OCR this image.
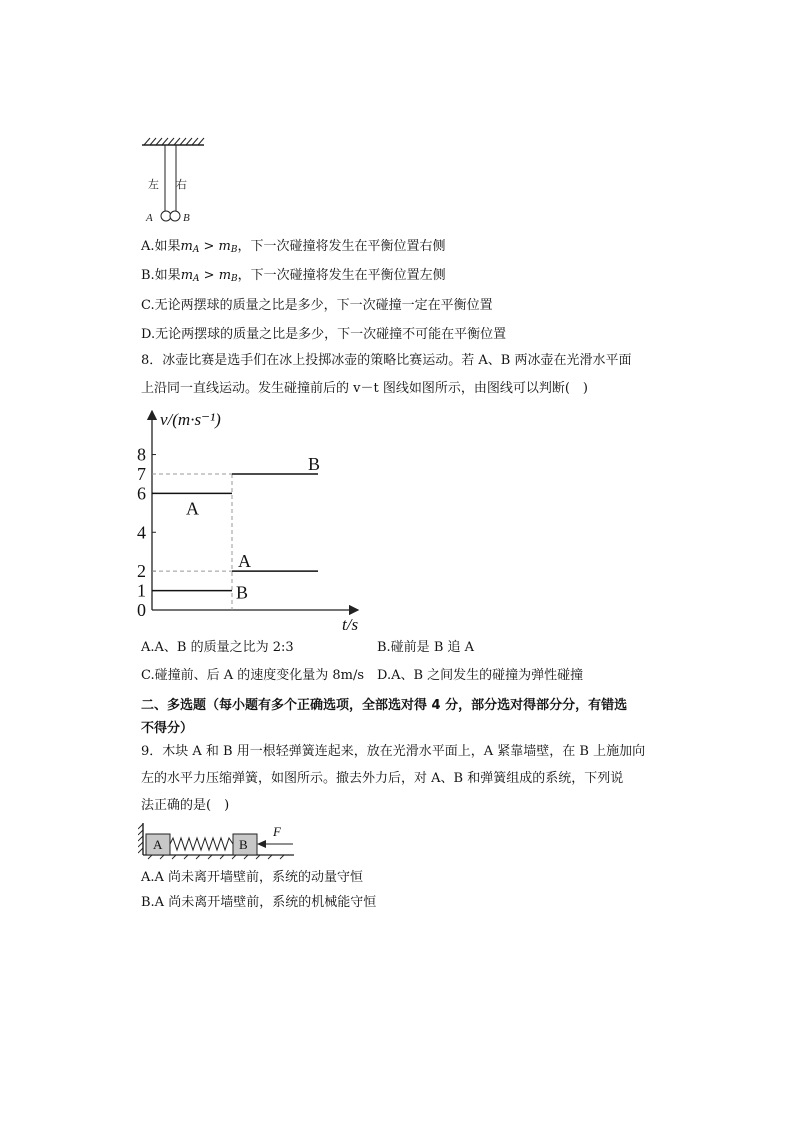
左 右
A	B
A.如果$m_A > m_B$，下一次碰撞将发生在平衡位置右侧
B.如果$m_A > m_B$，下一次碰撞将发生在平衡位置左侧
C.无论两摆球的质量之比是多少，下一次碰撞一定在平衡位置
D.无论两摆球的质量之比是多少，下一次碰撞不可能在平衡位置
8．冰壶比赛是选手们在冰上投掷冰壶的策略比赛运动。若 A、B 两冰壶在光滑水平面
上沿同一直线运动。发生碰撞前后的 v－t 图线如图所示，由图线可以判断(　)
v/(m·s⁻¹)
t/s
0
1
2
4
6
7
8
A
B
A
B
A.A、B 的质量之比为 2:3	B.碰前是 B 追 A
C.碰撞前、后 A 的速度变化量为 8m/s D.A、B 之间发生的碰撞为弹性碰撞
二、多选题（每小题有多个正确选项，全部选对得 4 分，部分选对得部分分，有错选
不得分）
9．木块 A 和 B 用一根轻弹簧连起来，放在光滑水平面上，A 紧靠墙壁，在 B 上施加向
左的水平力压缩弹簧，如图所示。撤去外力后，对 A、B 和弹簧组成的系统，下列说
法正确的是(　)
A	B
F
A.A 尚未离开墙壁前，系统的动量守恒
B.A 尚未离开墙壁前，系统的机械能守恒
